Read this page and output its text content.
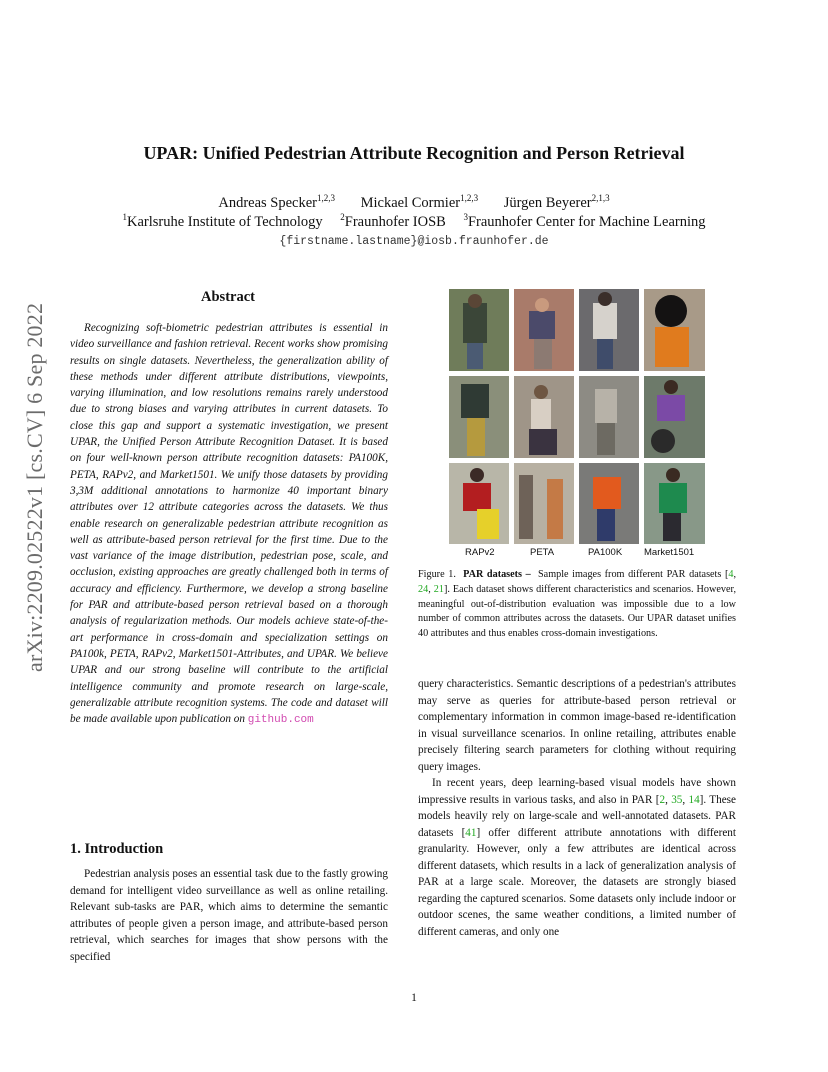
UPAR: Unified Pedestrian Attribute Recognition and Person Retrieval
Andreas Specker$^{1,2,3}$ Mickael Cormier$^{1,2,3}$ Jürgen Beyerer$^{2,1,3}$
$^1$Karlsruhe Institute of Technology $^2$Fraunhofer IOSB $^3$Fraunhofer Center for Machine Learning
{firstname.lastname}@iosb.fraunhofer.de
arXiv:2209.02522v1 [cs.CV] 6 Sep 2022
Abstract
Recognizing soft-biometric pedestrian attributes is essential in video surveillance and fashion retrieval. Recent works show promising results on single datasets. Nevertheless, the generalization ability of these methods under different attribute distributions, viewpoints, varying illumination, and low resolutions remains rarely understood due to strong biases and varying attributes in current datasets. To close this gap and support a systematic investigation, we present UPAR, the Unified Person Attribute Recognition Dataset. It is based on four well-known person attribute recognition datasets: PA100K, PETA, RAPv2, and Market1501. We unify those datasets by providing 3,3M additional annotations to harmonize 40 important binary attributes over 12 attribute categories across the datasets. We thus enable research on generalizable pedestrian attribute recognition as well as attribute-based person retrieval for the first time. Due to the vast variance of the image distribution, pedestrian pose, scale, and occlusion, existing approaches are greatly challenged both in terms of accuracy and efficiency. Furthermore, we develop a strong baseline for PAR and attribute-based person retrieval based on a thorough analysis of regularization methods. Our models achieve state-of-the-art performance in cross-domain and specialization settings on PA100k, PETA, RAPv2, Market1501-Attributes, and UPAR. We believe UPAR and our strong baseline will contribute to the artificial intelligence community and promote research on large-scale, generalizable attribute recognition systems. The code and dataset will be made available upon publication on github.com
1. Introduction
Pedestrian analysis poses an essential task due to the fastly growing demand for intelligent video surveillance as well as online retailing. Relevant sub-tasks are PAR, which aims to determine the semantic attributes of people given a person image, and attribute-based person retrieval, which searches for images that show persons with the specified
RAPv2	PETA	PA100K Market1501
Figure 1. PAR datasets – Sample images from different PAR datasets [4, 24, 21]. Each dataset shows different characteristics and scenarios. However, meaningful out-of-distribution evaluation was impossible due to a low number of common attributes across the datasets. Our UPAR dataset unifies 40 attributes and thus enables cross-domain investigations.

query characteristics. Semantic descriptions of a pedestrian's attributes may serve as queries for attribute-based person retrieval or complementary information in common image-based re-identification in visual surveillance scenarios. In online retailing, attributes enable precisely filtering search parameters for clothing without requiring query images.

In recent years, deep learning-based visual models have shown impressive results in various tasks, and also in PAR [2, 35, 14]. These models heavily rely on large-scale and well-annotated datasets. PAR datasets [41] offer different attribute annotations with different granularity. However, only a few attributes are identical across different datasets, which results in a lack of generalization analysis of PAR at a large scale. Moreover, the datasets are strongly biased regarding the captured scenarios. Some datasets only include indoor or outdoor scenes, the same weather conditions, a limited number of different cameras, and only one

1
